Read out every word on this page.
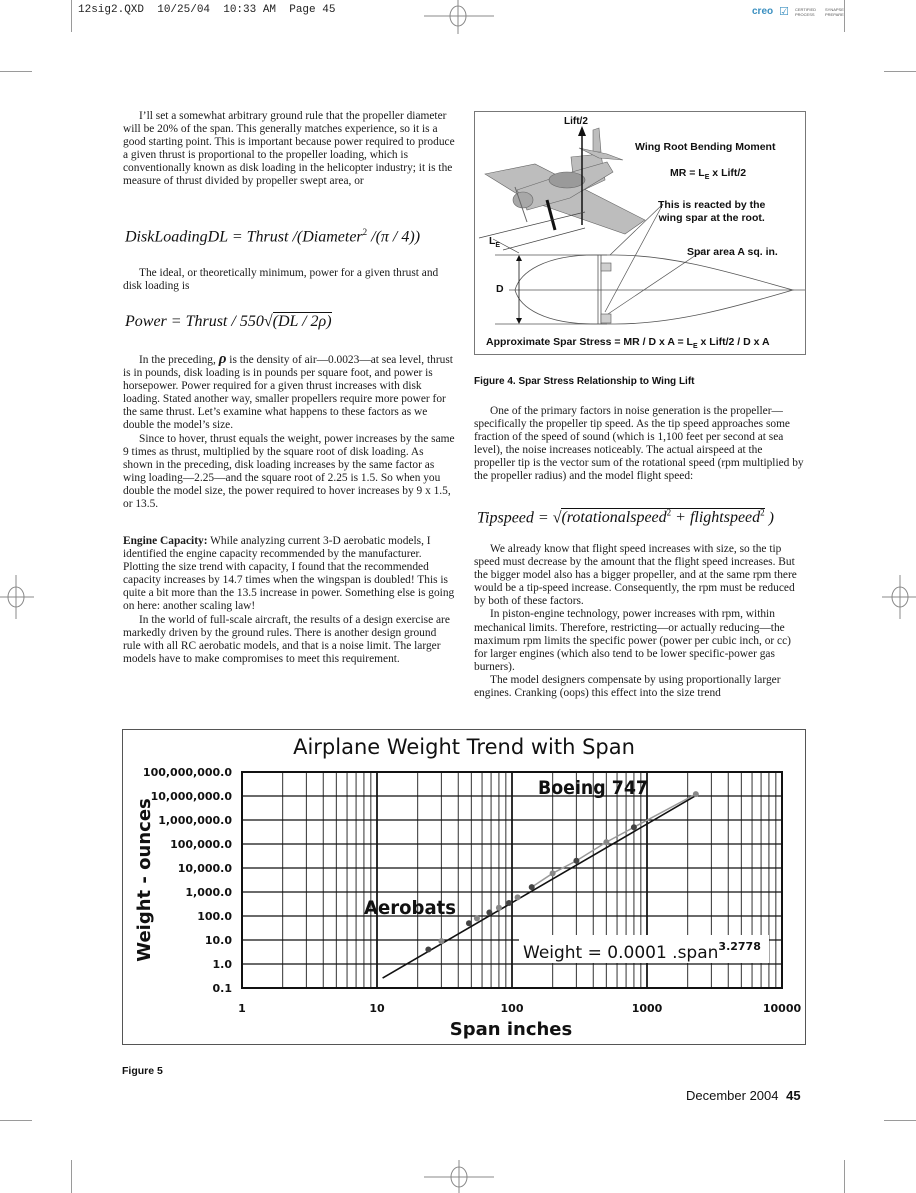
12sig2.QXD  10/25/04  10:33 AM  Page 45	creo ☑ CERTIFIED PROCESS
SYNAPSE PREPARE

I’ll set a somewhat arbitrary ground rule that the propeller diameter will be 20% of the span. This generally matches experience, so it is a good starting point. This is important because power required to produce a given thrust is proportional to the propeller loading, which is conventionally known as disk loading in the helicopter industry; it is the measure of thrust divided by propeller swept area, or

DiskLoadingDL = Thrust /(Diameter$^2$ /(π / 4))

The ideal, or theoretically minimum, power for a given thrust and disk loading is

Power = Thrust / 550√(DL / 2ρ)

In the preceding, ρ is the density of air—0.0023—at sea level, thrust is in pounds, disk loading is in pounds per square foot, and power is horsepower. Power required for a given thrust increases with disk loading. Stated another way, smaller propellers require more power for the same thrust. Let’s examine what happens to these factors as we double the model’s size.

Since to hover, thrust equals the weight, power increases by the same 9 times as thrust, multiplied by the square root of disk loading. As shown in the preceding, disk loading increases by the same factor as wing loading—2.25—and the square root of 2.25 is 1.5. So when you double the model size, the power required to hover increases by 9 x 1.5, or 13.5.

Engine Capacity: While analyzing current 3-D aerobatic models, I identified the engine capacity recommended by the manufacturer. Plotting the size trend with capacity, I found that the recommended capacity increases by 14.7 times when the wingspan is doubled! This is quite a bit more than the 13.5 increase in power. Something else is going on here: another scaling law!

In the world of full-scale aircraft, the results of a design exercise are markedly driven by the ground rules. There is another design ground rule with all RC aerobatic models, and that is a noise limit. The larger models have to make compromises to meet this requirement.

Lift/2
Wing Root Bending Moment
MR = $L_E$ x Lift/2
This is reacted by the
wing spar at the root.
$L_E$
Spar area A sq. in.
D
Approximate Spar Stress = MR / D x $A = L_E$ x Lift/2 / D x A
Figure 4. Spar Stress Relationship to Wing Lift

One of the primary factors in noise generation is the propeller—specifically the propeller tip speed. As the tip speed approaches some fraction of the speed of sound (which is 1,100 feet per second at sea level), the noise increases noticeably. The actual airspeed at the propeller tip is the vector sum of the rotational speed (rpm multiplied by the propeller radius) and the model flight speed:

Tipspeed = √(rotationalspeed$^2$ + flightspeed$^2$ )

We already know that flight speed increases with size, so the tip speed must decrease by the amount that the flight speed increases. But the bigger model also has a bigger propeller, and at the same rpm there would be a tip-speed increase. Consequently, the rpm must be reduced by both of these factors.

In piston-engine technology, power increases with rpm, within mechanical limits. Therefore, restricting—or actually reducing—the maximum rpm limits the specific power (power per cubic inch, or cc) for larger engines (which also tend to be lower specific-power gas burners).

The model designers compensate by using proportionally larger engines. Cranking (oops) this effect into the size trend

Airplane Weight Trend with Span
0.1
1.0
10.0
100.0
1,000.0
10,000.0
100,000.0
1,000,000.0
10,000,000.0
100,000,000.0
1	10	100	1000	10000
Aerobats
Boeing 747
Weight = 0.0001 .span$^{3.2778}$
Span inches
Weight - ounces
Figure 5
December 2004 45
